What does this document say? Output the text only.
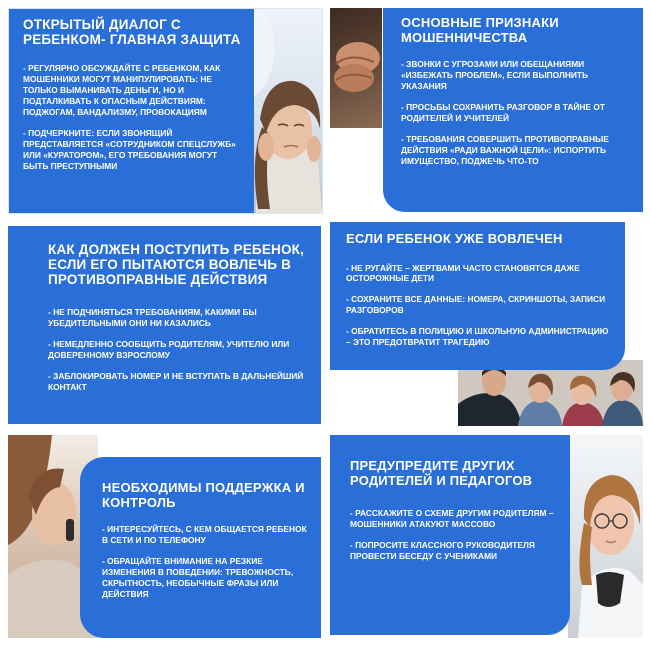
ОТКРЫТЫЙ ДИАЛОГ С РЕБЕНКОМ- ГЛАВНАЯ ЗАЩИТА

- РЕГУЛЯРНО ОБСУЖДАЙТЕ С РЕБЕНКОМ, КАК МОШЕННИКИ МОГУТ МАНИПУЛИРОВАТЬ: НЕ ТОЛЬКО ВЫМАНИВАТЬ ДЕНЬГИ, НО И ПОДТАЛКИВАТЬ К ОПАСНЫМ ДЕЙСТВИЯМ: ПОДЖОГАМ, ВАНДАЛИЗМУ, ПРОВОКАЦИЯМ

- ПОДЧЕРКНИТЕ: ЕСЛИ ЗВОНЯЩИЙ ПРЕДСТАВЛЯЕТСЯ «СОТРУДНИКОМ СПЕЦСЛУЖБ» ИЛИ «КУРАТОРОМ», ЕГО ТРЕБОВАНИЯ МОГУТ БЫТЬ ПРЕСТУПНЫМИ

ОСНОВНЫЕ ПРИЗНАКИ МОШЕННИЧЕСТВА

- ЗВОНКИ С УГРОЗАМИ ИЛИ ОБЕЩАНИЯМИ «ИЗБЕЖАТЬ ПРОБЛЕМ», ЕСЛИ ВЫПОЛНИТЬ УКАЗАНИЯ

- ПРОСЬБЫ СОХРАНИТЬ РАЗГОВОР В ТАЙНЕ ОТ РОДИТЕЛЕЙ И УЧИТЕЛЕЙ

- ТРЕБОВАНИЯ СОВЕРШИТЬ ПРОТИВОПРАВНЫЕ ДЕЙСТВИЯ «РАДИ ВАЖНОЙ ЦЕЛИ»: ИСПОРТИТЬ ИМУЩЕСТВО, ПОДЖЕЧЬ ЧТО-ТО

КАК ДОЛЖЕН ПОСТУПИТЬ РЕБЕНОК, ЕСЛИ ЕГО ПЫТАЮТСЯ ВОВЛЕЧЬ В ПРОТИВОПРАВНЫЕ ДЕЙСТВИЯ

- НЕ ПОДЧИНЯТЬСЯ ТРЕБОВАНИЯМ, КАКИМИ БЫ УБЕДИТЕЛЬНЫМИ ОНИ НИ КАЗАЛИСЬ

- НЕМЕДЛЕННО СООБЩИТЬ РОДИТЕЛЯМ, УЧИТЕЛЮ ИЛИ ДОВЕРЕННОМУ ВЗРОСЛОМУ

- ЗАБЛОКИРОВАТЬ НОМЕР И НЕ ВСТУПАТЬ В ДАЛЬНЕЙШИЙ КОНТАКТ

ЕСЛИ РЕБЕНОК УЖЕ ВОВЛЕЧЕН

- НЕ РУГАЙТЕ – ЖЕРТВАМИ ЧАСТО СТАНОВЯТСЯ ДАЖЕ ОСТОРОЖНЫЕ ДЕТИ

- СОХРАНИТЕ ВСЕ ДАННЫЕ: НОМЕРА, СКРИНШОТЫ, ЗАПИСИ РАЗГОВОРОВ

- ОБРАТИТЕСЬ В ПОЛИЦИЮ И ШКОЛЬНУЮ АДМИНИСТРАЦИЮ – ЭТО ПРЕДОТВРАТИТ ТРАГЕДИЮ

НЕОБХОДИМЫ ПОДДЕРЖКА И КОНТРОЛЬ

- ИНТЕРЕСУЙТЕСЬ, С КЕМ ОБЩАЕТСЯ РЕБЕНОК В СЕТИ И ПО ТЕЛЕФОНУ

- ОБРАЩАЙТЕ ВНИМАНИЕ НА РЕЗКИЕ ИЗМЕНЕНИЯ В ПОВЕДЕНИИ: ТРЕВОЖНОСТЬ, СКРЫТНОСТЬ, НЕОБЫЧНЫЕ ФРАЗЫ ИЛИ ДЕЙСТВИЯ

ПРЕДУПРЕДИТЕ ДРУГИХ РОДИТЕЛЕЙ И ПЕДАГОГОВ

- РАССКАЖИТЕ О СХЕМЕ ДРУГИМ РОДИТЕЛЯМ – МОШЕННИКИ АТАКУЮТ МАССОВО

- ПОПРОСИТЕ КЛАССНОГО РУКОВОДИТЕЛЯ ПРОВЕСТИ БЕСЕДУ С УЧЕНИКАМИ
